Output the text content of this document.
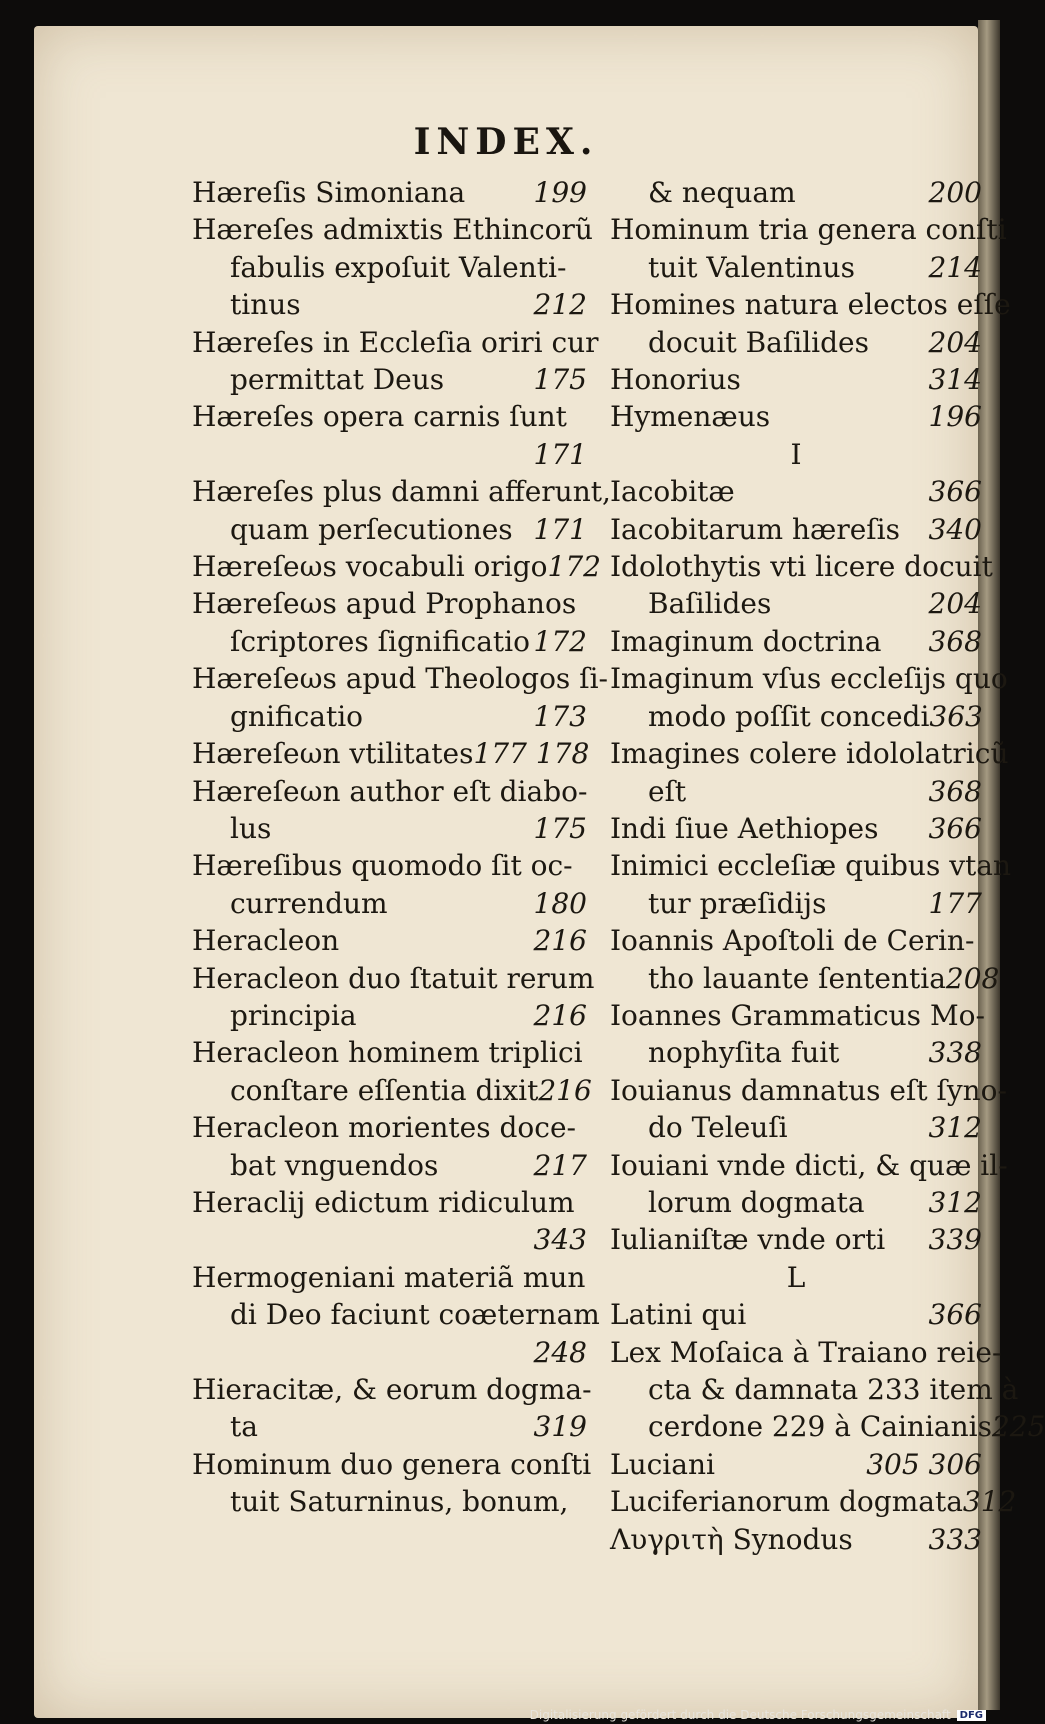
INDEX.
Hæreſis Simoniana 199
Hæreſes admixtis Ethincorũ
fabulis expoſuit Valenti-
tinus	212
Hæreſes in Eccleſia oriri cur
permittat Deus	175
Hæreſes opera carnis ſunt
171
Hæreſes plus damni afferunt,
quam perſecutiones 171
Hæreſeωs vocabuli origo 172
Hæreſeωs apud Prophanos
ſcriptores ſignificatio 172
Hæreſeωs apud Theologos ſi-
gnificatio	173
Hæreſeωn vtilitates 177 178
Hæreſeωn author eſt diabo-
lus	175
Hæreſibus quomodo ſit oc-
currendum	180
Heracleon	216
Heracleon duo ſtatuit rerum
principia	216
Heracleon hominem triplici
conſtare eſſentia dixit 216
Heracleon morientes doce-
bat vnguendos	217
Heraclij edictum ridiculum
343
Hermogeniani materiã mun
di Deo faciunt coæternam
248
Hieracitæ, & eorum dogma-
ta	319
Hominum duo genera conſti
tuit Saturninus, bonum,
& nequam	200
Hominum tria genera conſti
tuit Valentinus	214
Homines natura electos eſſe
docuit Baſilides 204
Honorius	314
Hymenæus	196
I
Iacobitæ	366
Iacobitarum hæreſis 340
Idolothytis vti licere docuit
Baſilides	204
Imaginum doctrina 368
Imaginum vſus eccleſijs quo
modo poſſit concedi 363
Imagines colere idololatricũ
eſt	368
Indi ſiue Aethiopes 366
Inimici eccleſiæ quibus vtan
tur præſidijs	177
Ioannis Apoſtoli de Cerin-
tho lauante ſententia 208
Ioannes Grammaticus Mo-
nophyſita fuit	338
Iouianus damnatus eſt ſyno-
do Teleuſi	312
Iouiani vnde dicti, & quæ il-
lorum dogmata 312
Iulianiſtæ vnde orti 339
L
Latini qui	366
Lex Moſaica à Traiano reie-
cta & damnata 233 item à
cerdone 229 à Cainianis 225
Luciani	305 306
Luciferianorum dogmata 312
Λυγριτὴ Synodus	333
Digitalisierung gefördert durch die Deutsche Forschungsgemeinschaft DFG
